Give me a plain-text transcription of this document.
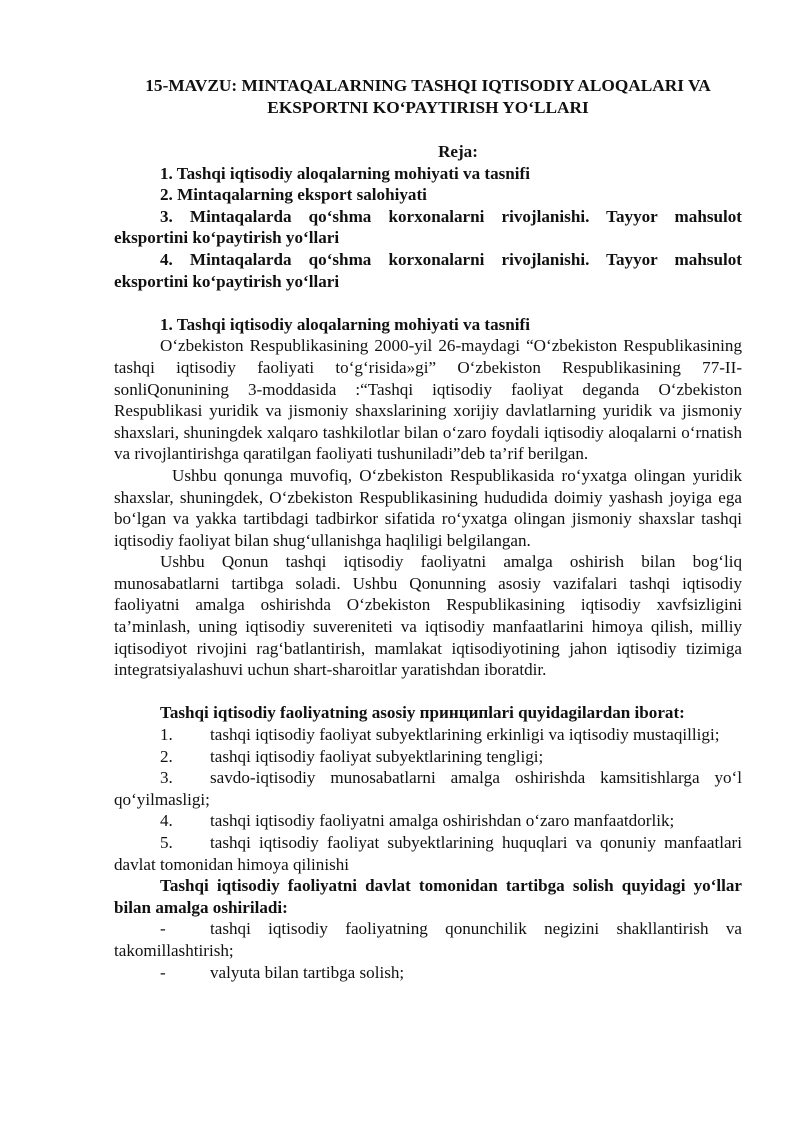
15-MAVZU: MINTAQALARNING TASHQI IQTISODIY ALOQALARI VA
EKSPORTNI KO‘PAYTIRISH YO‘LLARI
Reja:

1. Tashqi iqtisodiy aloqalarning mohiyati va tasnifi

2. Mintaqalarning eksport salohiyati

3. Mintaqalarda qo‘shma korxonalarni rivojlanishi. Tayyor mahsulot eksportini ko‘paytirish yo‘llari

4. Mintaqalarda qo‘shma korxonalarni rivojlanishi. Tayyor mahsulot eksportini ko‘paytirish yo‘llari

1. Tashqi iqtisodiy aloqalarning mohiyati va tasnifi

O‘zbekiston Respublikasining 2000-yil 26-maydagi “O‘zbekiston Respublikasining tashqi iqtisodiy faoliyati to‘g‘risida»gi” O‘zbekiston Respublikasining 77-II-sonliQonunining 3-moddasida :“Tashqi iqtisodiy faoliyat deganda O‘zbekiston Respublikasi yuridik va jismoniy shaxslarining xorijiy davlatlarning yuridik va jismoniy shaxslari, shuningdek xalqaro tashkilotlar bilan o‘zaro foydali iqtisodiy aloqalarni o‘rnatish va rivojlantirishga qaratilgan faoliyati tushuniladi”deb ta’rif berilgan.

Ushbu qonunga muvofiq, O‘zbekiston Respublikasida ro‘yxatga olingan yuridik shaxslar, shuningdek, O‘zbekiston Respublikasining hududida doimiy yashash joyiga ega bo‘lgan va yakka tartibdagi tadbirkor sifatida ro‘yxatga olingan jismoniy shaxslar tashqi iqtisodiy faoliyat bilan shug‘ullanishga haqliligi belgilangan.

Ushbu Qonun tashqi iqtisodiy faoliyatni amalga oshirish bilan bog‘liq munosabatlarni tartibga soladi. Ushbu Qonunning asosiy vazifalari tashqi iqtisodiy faoliyatni amalga oshirishda O‘zbekiston Respublikasining iqtisodiy xavfsizligini ta’minlash, uning iqtisodiy suvereniteti va iqtisodiy manfaatlarini himoya qilish, milliy iqtisodiyot rivojini rag‘batlantirish, mamlakat iqtisodiyotining jahon iqtisodiy tizimiga integratsiyalashuvi uchun shart-sharoitlar yaratishdan iboratdir.

Tashqi iqtisodiy faoliyatning asosiy принципlari quyidagilardan iborat:

1. tashqi iqtisodiy faoliyat subyektlarining erkinligi va iqtisodiy mustaqilligi;

2. tashqi iqtisodiy faoliyat subyektlarining tengligi;

3. savdo-iqtisodiy munosabatlarni amalga oshirishda kamsitishlarga yo‘l qo‘yilmasligi;

4. tashqi iqtisodiy faoliyatni amalga oshirishdan o‘zaro manfaatdorlik;

5. tashqi iqtisodiy faoliyat subyektlarining huquqlari va qonuniy manfaatlari davlat tomonidan himoya qilinishi

Tashqi iqtisodiy faoliyatni davlat tomonidan tartibga solish quyidagi yo‘llar bilan amalga oshiriladi:

-	tashqi iqtisodiy faoliyatning qonunchilik negizini shakllantirish va takomillashtirish;

-	valyuta bilan tartibga solish;
